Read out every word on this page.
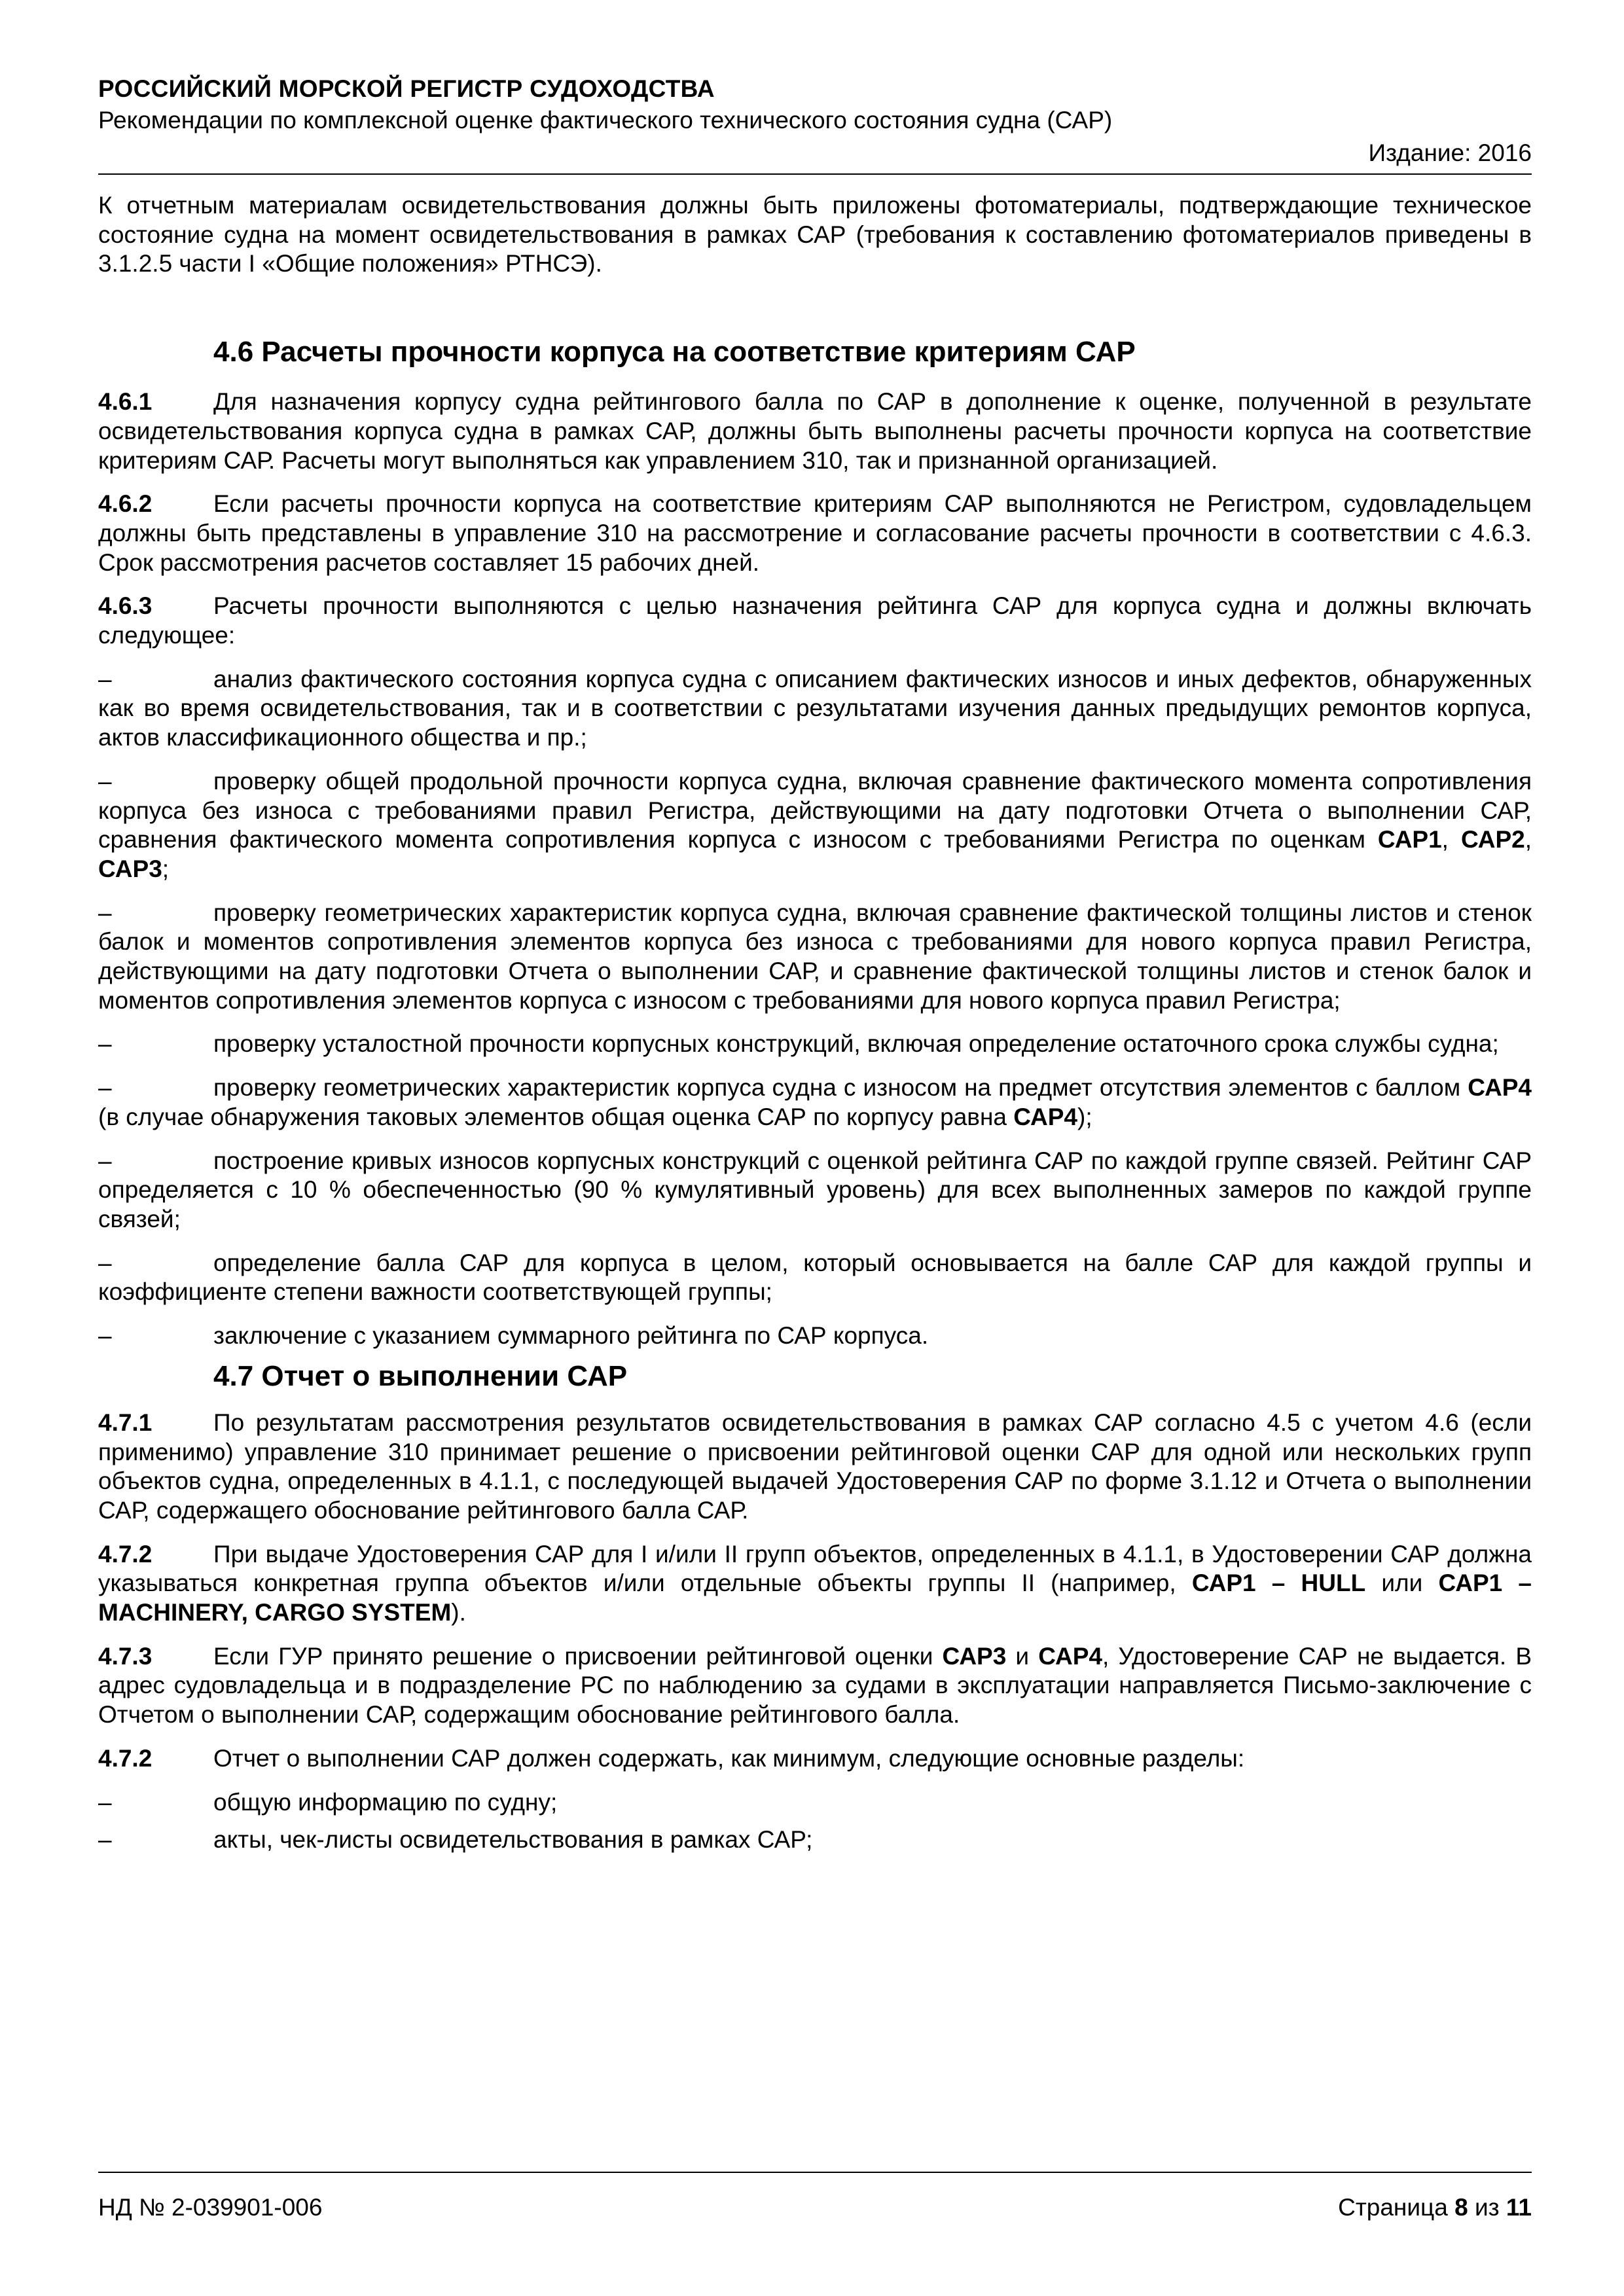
РОССИЙСКИЙ МОРСКОЙ РЕГИСТР СУДОХОДСТВА
Рекомендации по комплексной оценке фактического технического состояния судна (САР)
Издание: 2016

К отчетным материалам освидетельствования должны быть приложены фотоматериалы, подтверждающие техническое состояние судна на момент освидетельствования в рамках САР (требования к составлению фотоматериалов приведены в 3.1.2.5 части I «Общие положения» РТНСЭ).

4.6 Расчеты прочности корпуса на соответствие критериям САР

4.6.1	Для назначения корпусу судна рейтингового балла по САР в дополнение к оценке, полученной в результате освидетельствования корпуса судна в рамках САР, должны быть выполнены расчеты прочности корпуса на соответствие критериям САР. Расчеты могут выполняться как управлением 310, так и признанной организацией.

4.6.2	Если расчеты прочности корпуса на соответствие критериям САР выполняются не Регистром, судовладельцем должны быть представлены в управление 310 на рассмотрение и согласование расчеты прочности в соответствии с 4.6.3. Срок рассмотрения расчетов составляет 15 рабочих дней.

4.6.3	Расчеты прочности выполняются с целью назначения рейтинга САР для корпуса судна и должны включать следующее:

–	анализ фактического состояния корпуса судна с описанием фактических износов и иных дефектов, обнаруженных как во время освидетельствования, так и в соответствии с результатами изучения данных предыдущих ремонтов корпуса, актов классификационного общества и пр.;

–	проверку общей продольной прочности корпуса судна, включая сравнение фактического момента сопротивления корпуса без износа с требованиями правил Регистра, действующими на дату подготовки Отчета о выполнении САР, сравнения фактического момента сопротивления корпуса с износом с требованиями Регистра по оценкам САР1, САР2, САР3;

–	проверку геометрических характеристик корпуса судна, включая сравнение фактической толщины листов и стенок балок и моментов сопротивления элементов корпуса без износа с требованиями для нового корпуса правил Регистра, действующими на дату подготовки Отчета о выполнении САР, и сравнение фактической толщины листов и стенок балок и моментов сопротивления элементов корпуса с износом с требованиями для нового корпуса правил Регистра;

–	проверку усталостной прочности корпусных конструкций, включая определение остаточного срока службы судна;

–	проверку геометрических характеристик корпуса судна с износом на предмет отсутствия элементов с баллом САР4 (в случае обнаружения таковых элементов общая оценка САР по корпусу равна САР4);

–	построение кривых износов корпусных конструкций с оценкой рейтинга САР по каждой группе связей. Рейтинг САР определяется с 10 % обеспеченностью (90 % кумулятивный уровень) для всех выполненных замеров по каждой группе связей;

–	определение балла САР для корпуса в целом, который основывается на балле САР для каждой группы и коэффициенте степени важности соответствующей группы;

–	заключение с указанием суммарного рейтинга по САР корпуса.

4.7 Отчет о выполнении САР

4.7.1	По результатам рассмотрения результатов освидетельствования в рамках САР согласно 4.5 с учетом 4.6 (если применимо) управление 310 принимает решение о присвоении рейтинговой оценки САР для одной или нескольких групп объектов судна, определенных в 4.1.1, с последующей выдачей Удостоверения САР по форме 3.1.12 и Отчета о выполнении САР, содержащего обоснование рейтингового балла САР.

4.7.2	При выдаче Удостоверения САР для I и/или II групп объектов, определенных в 4.1.1, в Удостоверении САР должна указываться конкретная группа объектов и/или отдельные объекты группы II (например, САР1 – HULL или САР1 – MACHINERY, CARGO SYSTEM).

4.7.3	Если ГУР принято решение о присвоении рейтинговой оценки САР3 и САР4, Удостоверение САР не выдается. В адрес судовладельца и в подразделение РС по наблюдению за судами в эксплуатации направляется Письмо-заключение с Отчетом о выполнении САР, содержащим обоснование рейтингового балла.

4.7.2	Отчет о выполнении САР должен содержать, как минимум, следующие основные разделы:

–	общую информацию по судну;

–	акты, чек-листы освидетельствования в рамках САР;

НД № 2-039901-006	Страница 8 из 11
